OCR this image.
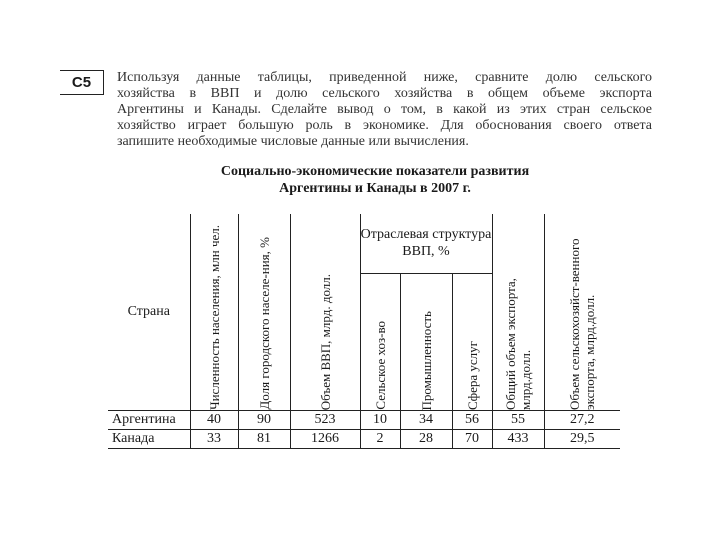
С5	Используя данные таблицы, приведенной ниже, сравните долю сельского
хозяйства в ВВП и долю сельского хозяйства в общем объеме экспорта
Аргентины и Канады. Сделайте вывод о том, в какой из этих стран сельское
хозяйство играет большую роль в экономике. Для обоснования своего ответа
запишите необходимые числовые данные или вычисления.
Социально-экономические показатели развития
Аргентины и Канады в 2007 г.
Страна	Численность населения, млн чел.	Доля городского населе-ния, %	Объем ВВП, млрд. долл.	Отраслевая структура ВВП, %			Общий объем экспорта, млрд.долл.	Объем сельскохозяйст-венного экспорта, млрд.долл.

				Сельское хоз-во	Промышленность	Сфера услуг		

Аргентина	40	90	523	10	34	56	55	27,2
Канада	33	81	1266	2	28	70	433	29,5
